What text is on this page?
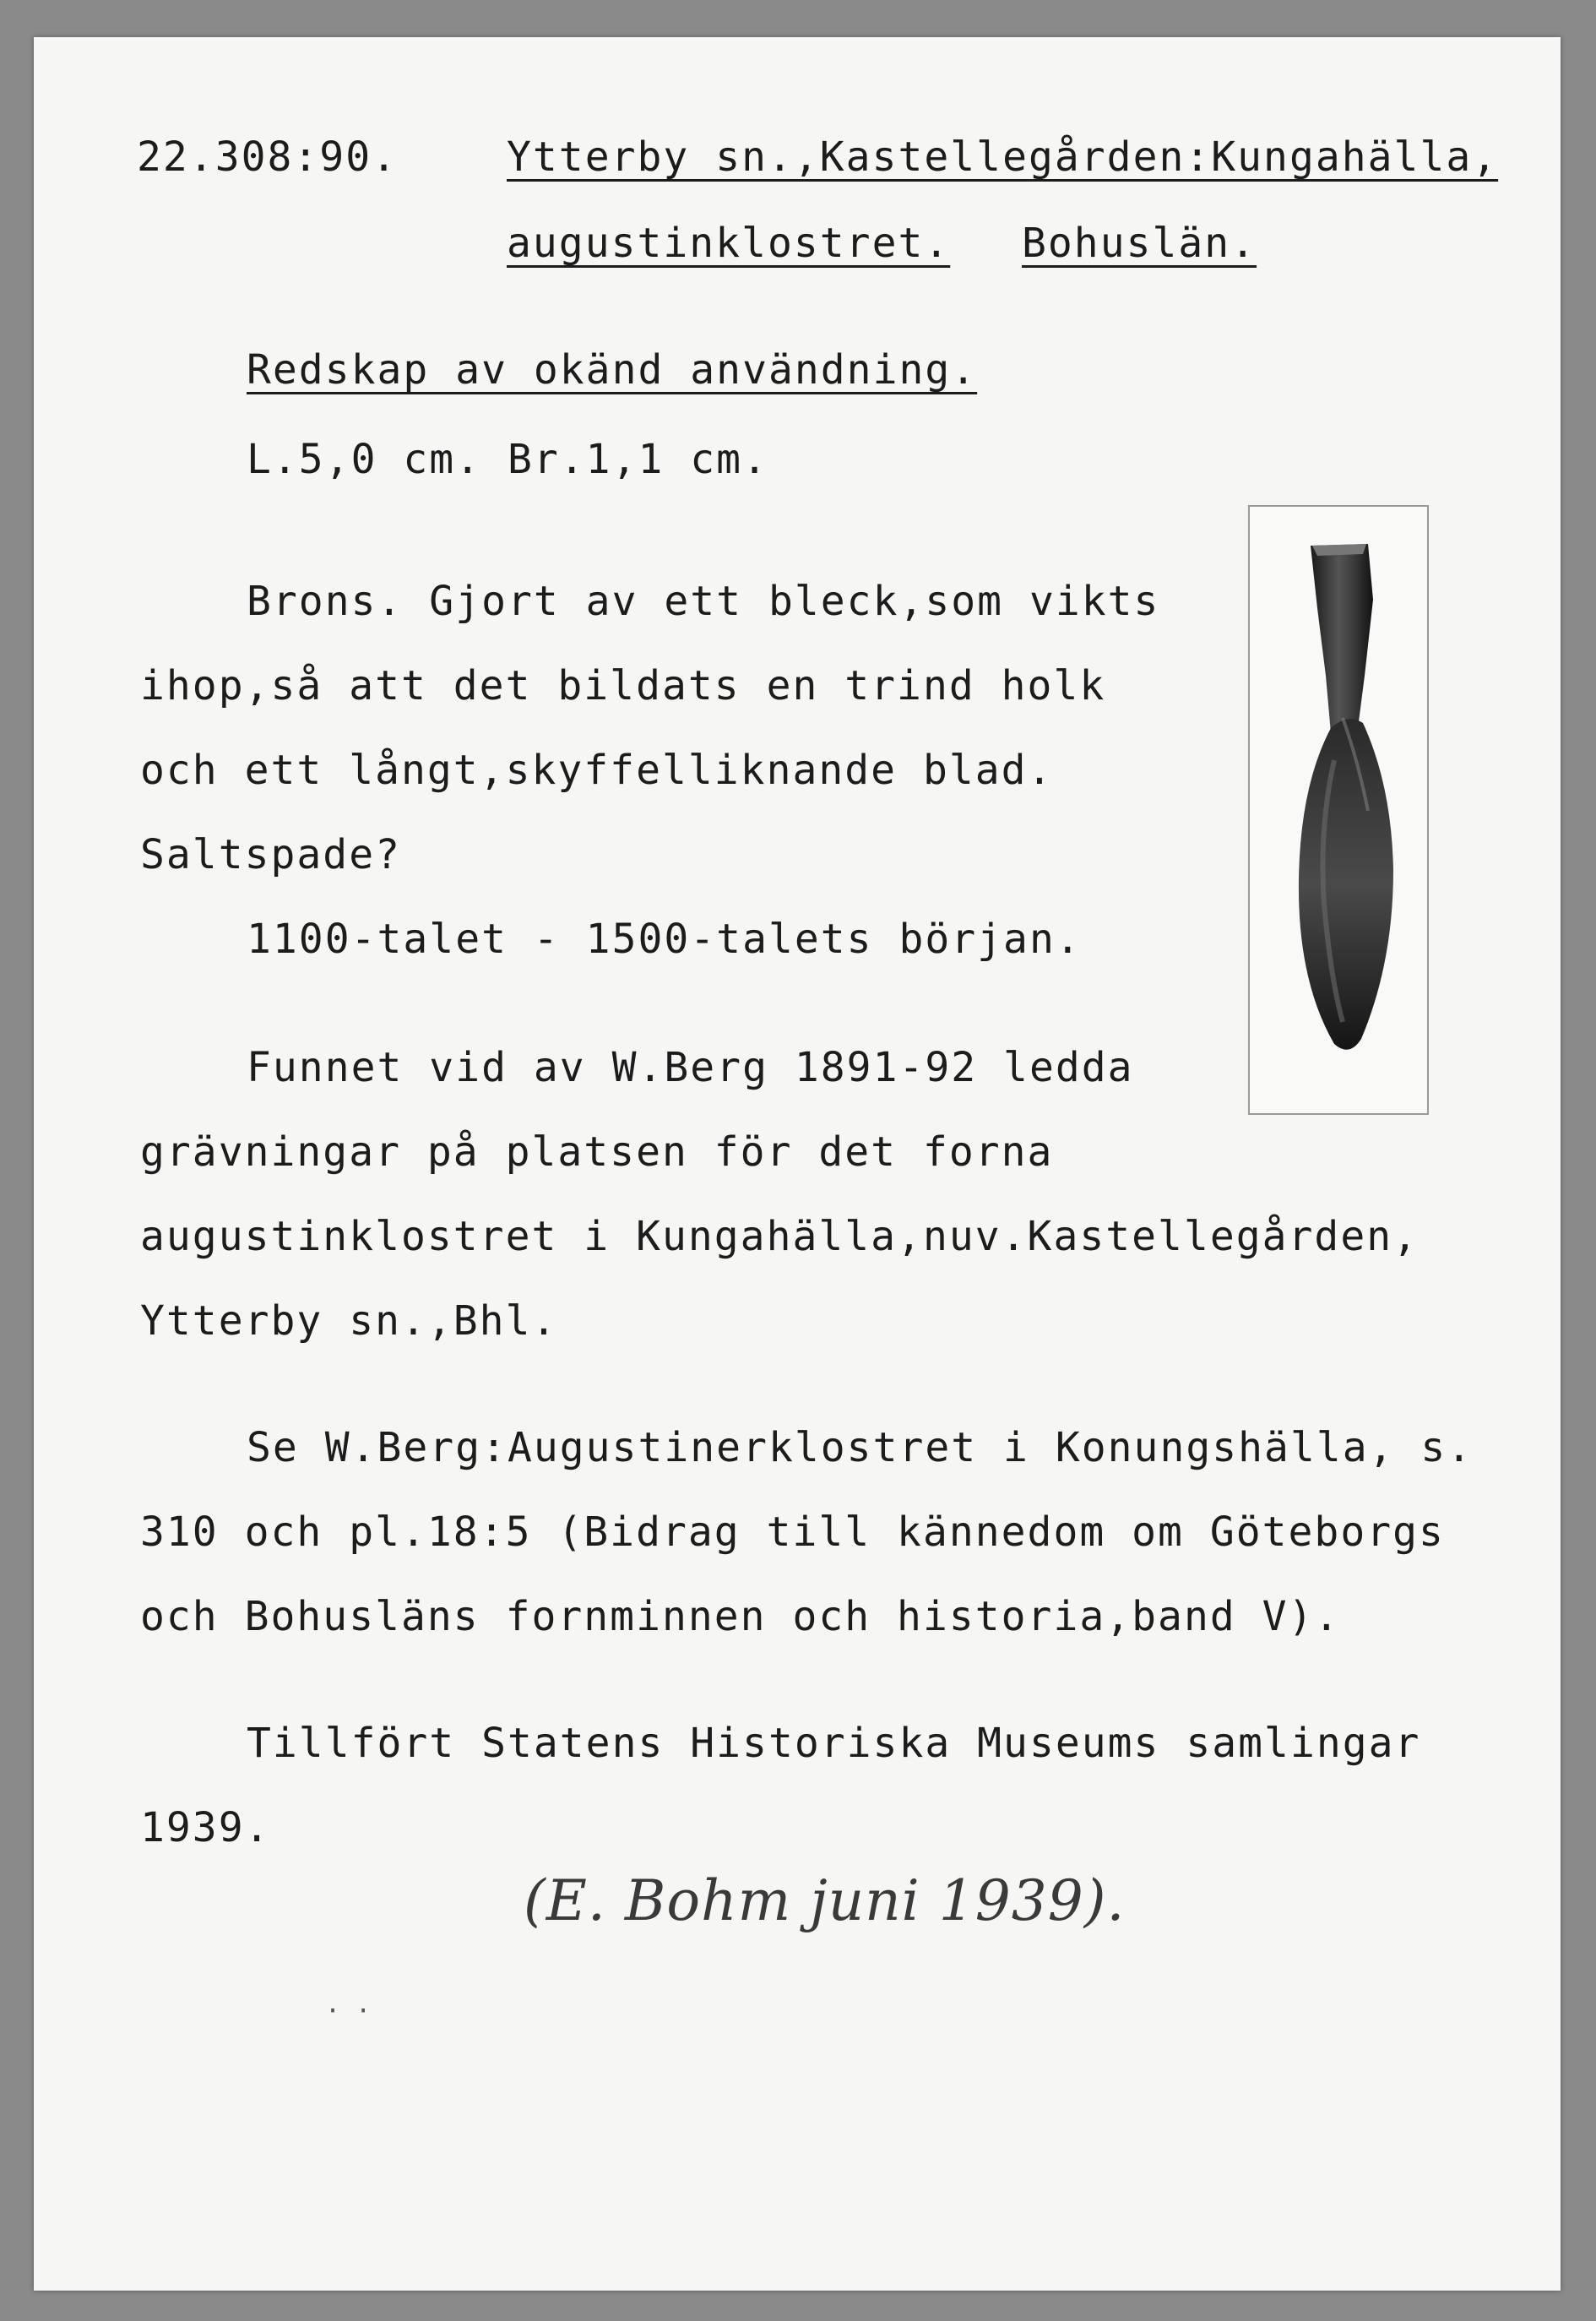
22.308:90.	Ytterby sn.,Kastellegården:Kungahälla,
augustinklostret. Bohuslän.
Redskap av okänd användning.
L.5,0 cm. Br.1,1 cm.
Brons. Gjort av ett bleck,som vikts
ihop,så att det bildats en trind holk
och ett långt,skyffelliknande blad.
Saltspade?
1100-talet - 1500-talets början.
Funnet vid av W.Berg 1891-92 ledda
grävningar på platsen för det forna
augustinklostret i Kungahälla,nuv.Kastellegården,
Ytterby sn.,Bhl.
Se W.Berg:Augustinerklostret i Konungshälla, s.
310 och pl.18:5 (Bidrag till kännedom om Göteborgs
och Bohusläns fornminnen och historia,band V).
Tillfört Statens Historiska Museums samlingar
1939.
(E. Bohm juni 1939).
· ·
